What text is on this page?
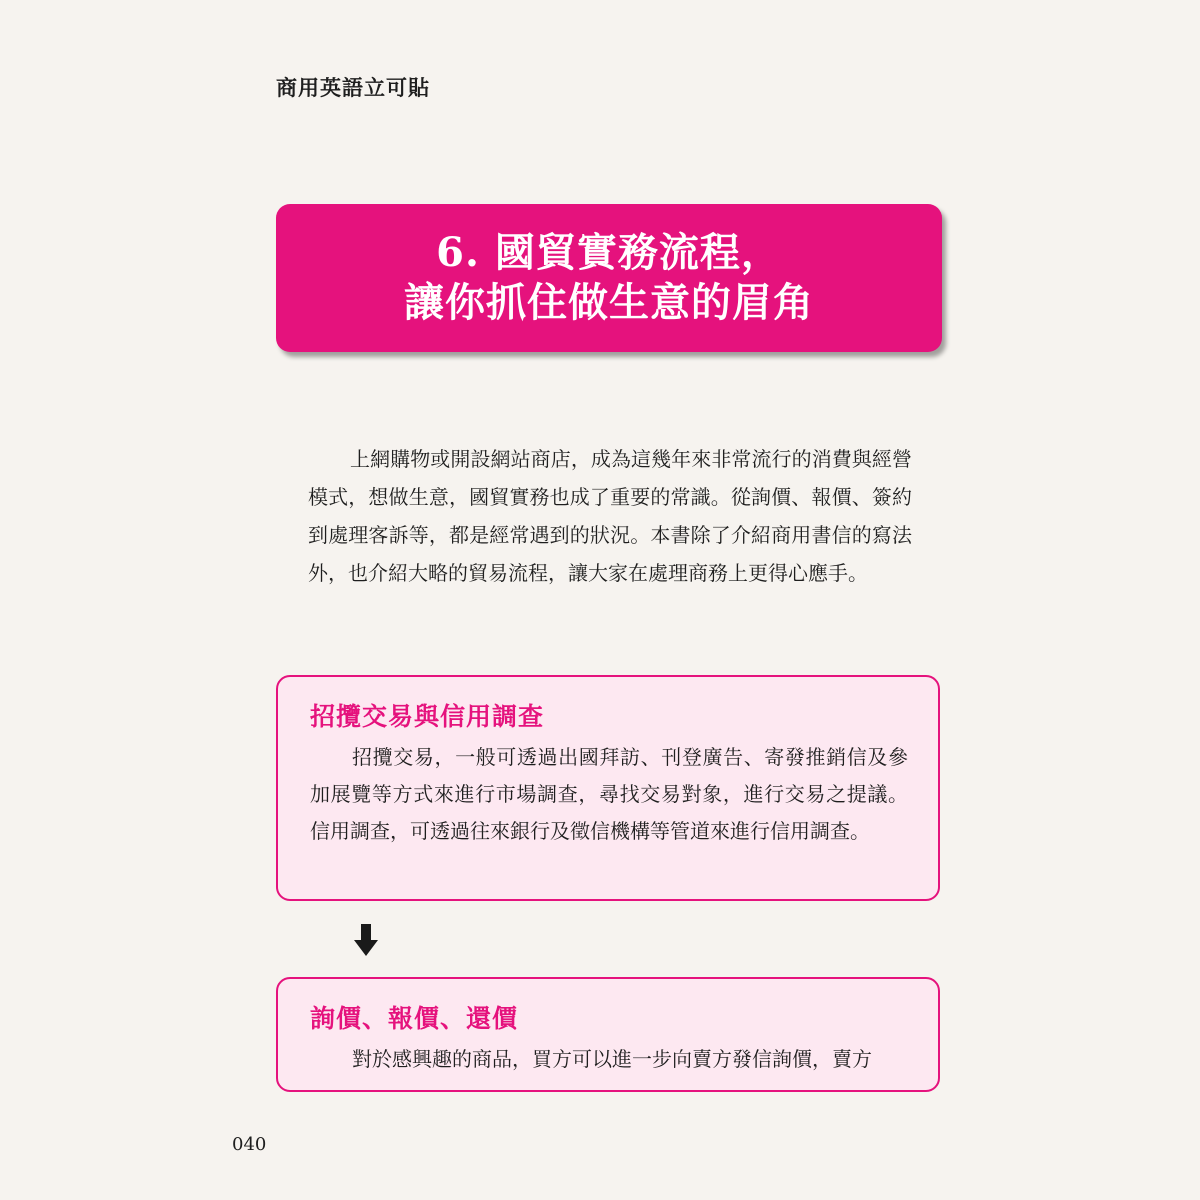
商用英語立可貼
6. 國貿實務流程，
讓你抓住做生意的眉角

上網購物或開設網站商店，成為這幾年來非常流行的消費與經營模式，想做生意，國貿實務也成了重要的常識。從詢價、報價、簽約到處理客訴等，都是經常遇到的狀況。本書除了介紹商用書信的寫法外，也介紹大略的貿易流程，讓大家在處理商務上更得心應手。

招攬交易與信用調查

招攬交易，一般可透過出國拜訪、刊登廣告、寄發推銷信及參加展覽等方式來進行市場調查，尋找交易對象，進行交易之提議。信用調查，可透過往來銀行及徵信機構等管道來進行信用調查。

詢價、報價、還價

對於感興趣的商品，買方可以進一步向賣方發信詢價，賣方

040
